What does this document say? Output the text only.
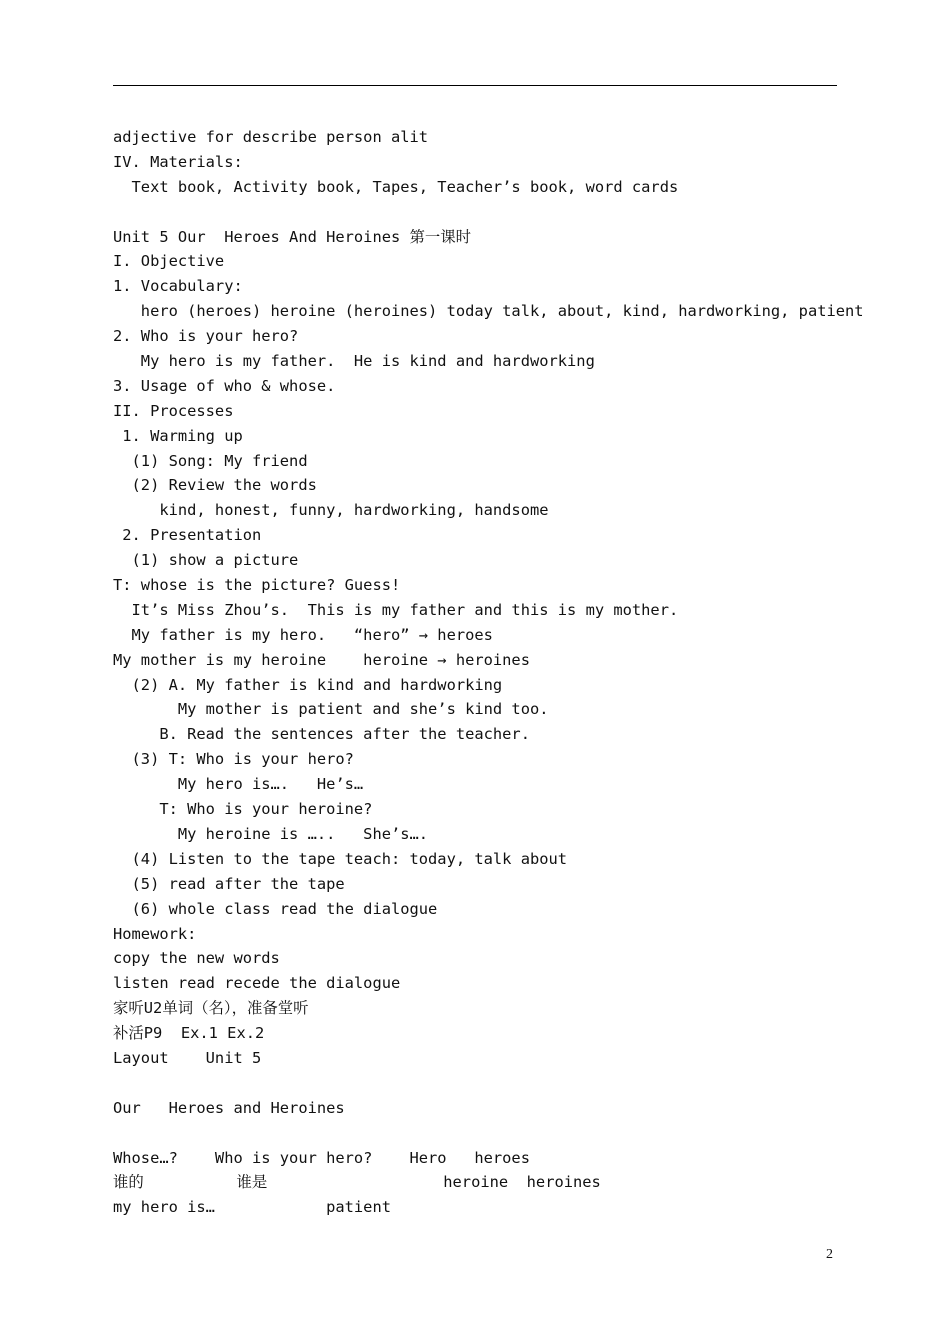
adjective for describe person alit
IV. Materials:
Text book, Activity book, Tapes, Teacher’s book, word cards
Unit 5 Our  Heroes And Heroines 第一课时
I. Objective
1. Vocabulary:
hero (heroes) heroine (heroines) today talk, about, kind, hardworking, patient
2. Who is your hero?
My hero is my father.  He is kind and hardworking
3. Usage of who & whose.
II. Processes
1. Warming up
(1) Song: My friend
(2) Review the words
kind, honest, funny, hardworking, handsome
2. Presentation
(1) show a picture
T: whose is the picture? Guess!
It’s Miss Zhou’s.  This is my father and this is my mother.
My father is my hero.   “hero” → heroes
My mother is my heroine    heroine → heroines
(2) A. My father is kind and hardworking
My mother is patient and she’s kind too.
B. Read the sentences after the teacher.
(3) T: Who is your hero?
My hero is….   He’s…
T: Who is your heroine?
My heroine is …..   She’s….
(4) Listen to the tape teach: today, talk about
(5) read after the tape
(6) whole class read the dialogue
Homework:
copy the new words
listen read recede the dialogue
家听U2单词（名），准备堂听
补活P9  Ex.1 Ex.2
Layout    Unit 5
Our   Heroes and Heroines
Whose…?    Who is your hero?    Hero   heroes
谁的          谁是                   heroine  heroines
my hero is…            patient
2
